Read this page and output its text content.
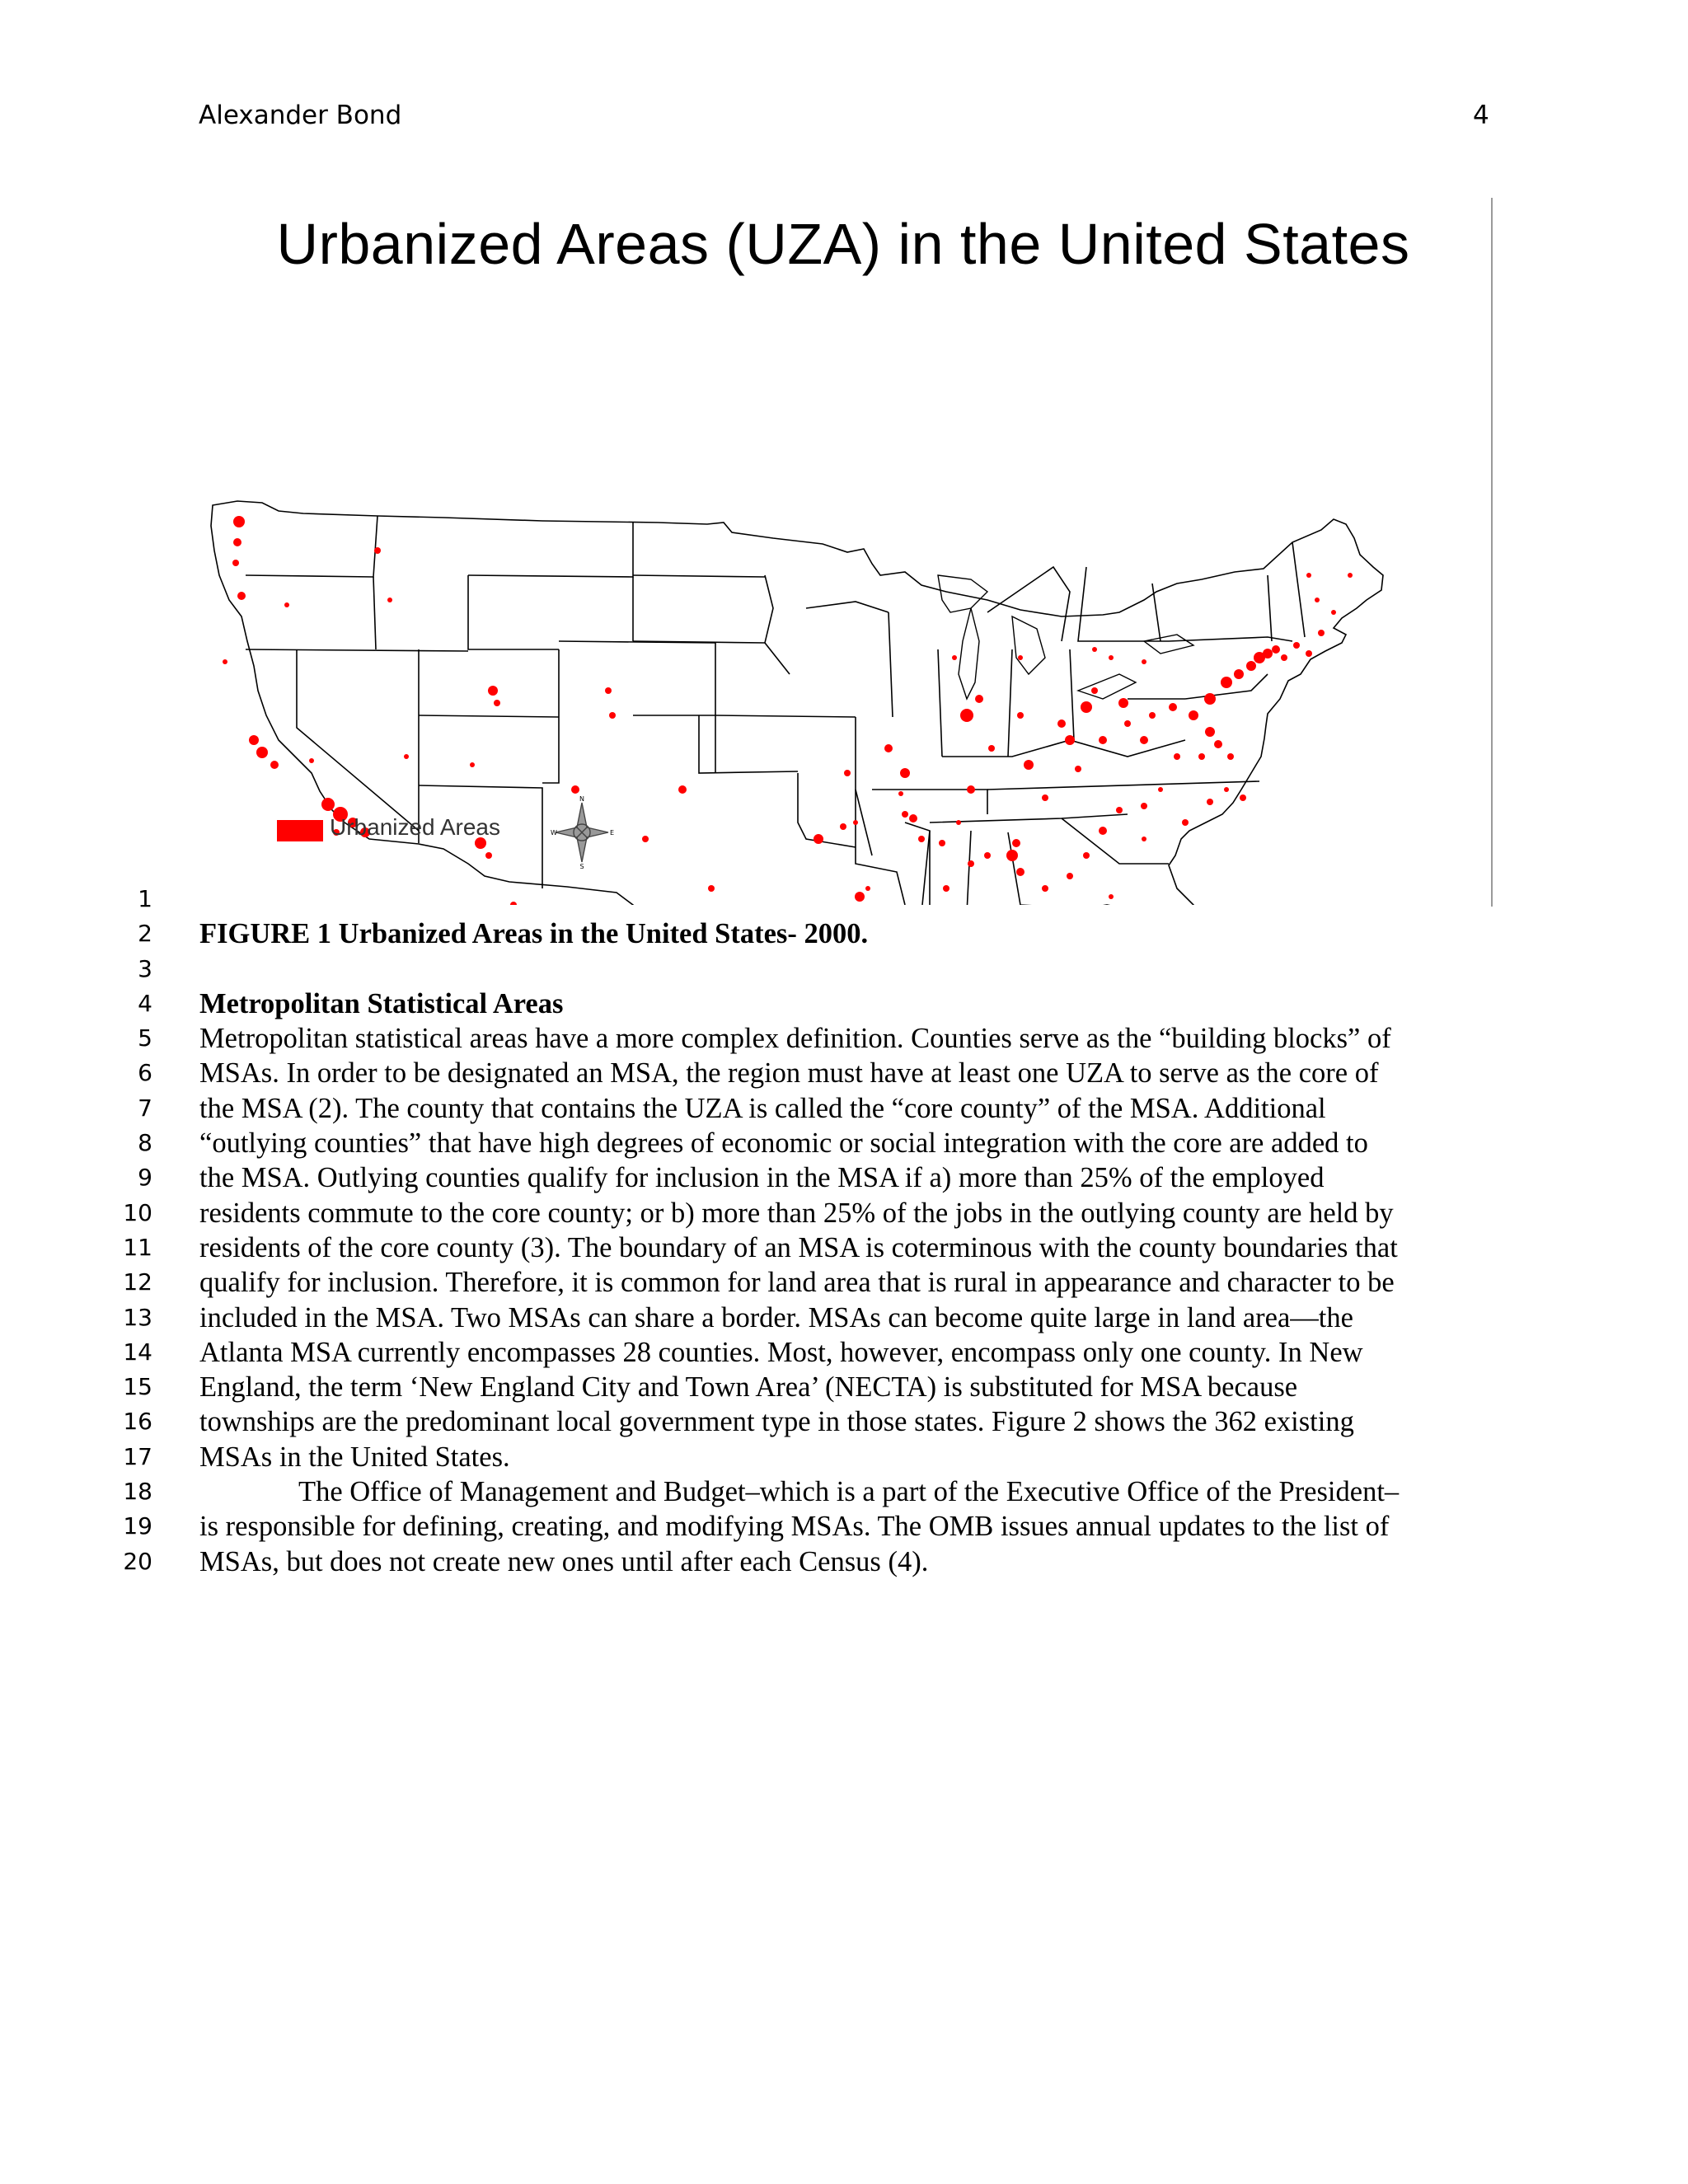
Alexander Bond	4
Urbanized Areas (UZA) in the United States
Urbanized Areas
N
S
W	E
1
2
3
4
5
6
7
8
9
10
11
12
13
14
15
16
17
18
19
20
FIGURE 1 Urbanized Areas in the United States- 2000.
Metropolitan Statistical Areas
Metropolitan statistical areas have a more complex definition. Counties serve as the “building blocks” of
MSAs. In order to be designated an MSA, the region must have at least one UZA to serve as the core of
the MSA (2). The county that contains the UZA is called the “core county” of the MSA. Additional
“outlying counties” that have high degrees of economic or social integration with the core are added to
the MSA. Outlying counties qualify for inclusion in the MSA if a) more than 25% of the employed
residents commute to the core county; or b) more than 25% of the jobs in the outlying county are held by
residents of the core county (3). The boundary of an MSA is coterminous with the county boundaries that
qualify for inclusion. Therefore, it is common for land area that is rural in appearance and character to be
included in the MSA. Two MSAs can share a border. MSAs can become quite large in land area—the
Atlanta MSA currently encompasses 28 counties. Most, however, encompass only one county. In New
England, the term ‘New England City and Town Area’ (NECTA) is substituted for MSA because
townships are the predominant local government type in those states. Figure 2 shows the 362 existing
MSAs in the United States.
The Office of Management and Budget–which is a part of the Executive Office of the President–
is responsible for defining, creating, and modifying MSAs. The OMB issues annual updates to the list of
MSAs, but does not create new ones until after each Census (4).
